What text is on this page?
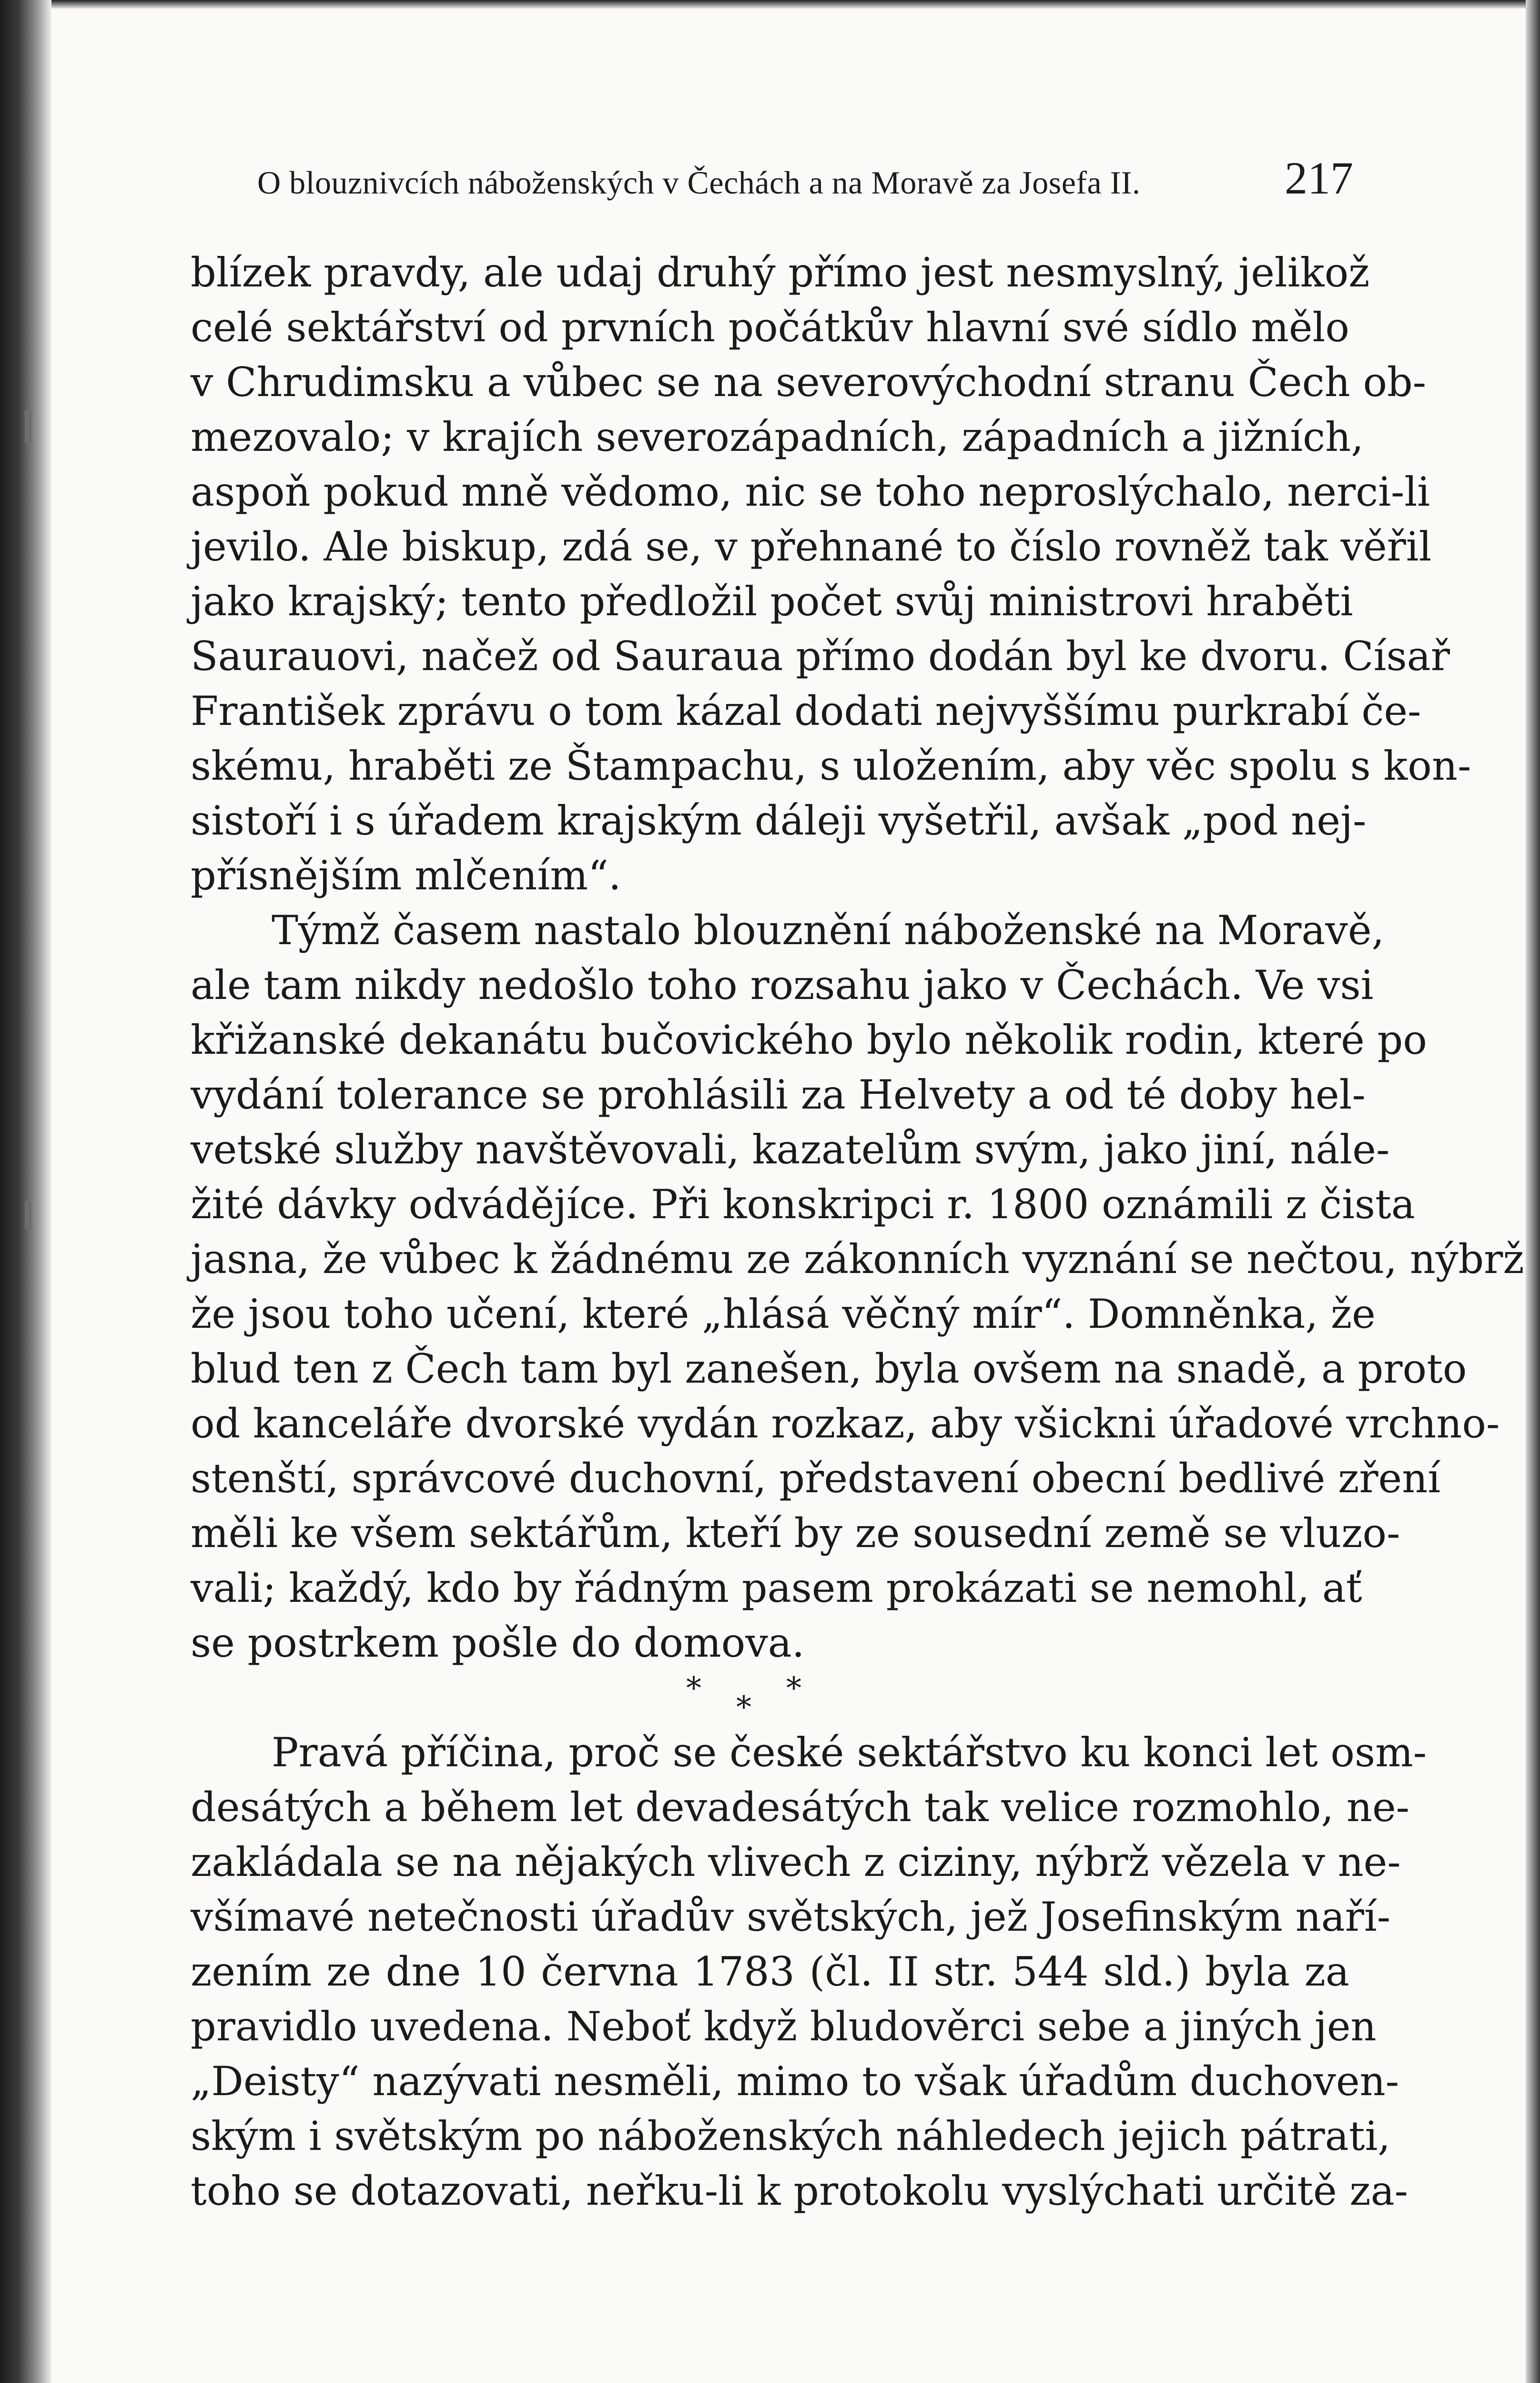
O blouznivcích náboženských v Čechách a na Moravě za Josefa II.	217
blízek pravdy, ale udaj druhý přímo jest nesmyslný, jelikož
celé sektářství od prvních počátkův hlavní své sídlo mělo
v Chrudimsku a vůbec se na severovýchodní stranu Čech ob-
mezovalo; v krajích severozápadních, západních a jižních,
aspoň pokud mně vědomo, nic se toho neproslýchalo, nerci-li
jevilo. Ale biskup, zdá se, v přehnané to číslo rovněž tak věřil
jako krajský; tento předložil počet svůj ministrovi hraběti
Saurauovi, načež od Sauraua přímo dodán byl ke dvoru. Císař
František zprávu o tom kázal dodati nejvyššímu purkrabí če-
skému, hraběti ze Štampachu, s uložením, aby věc spolu s kon-
sistoří i s úřadem krajským dáleji vyšetřil, avšak „pod nej-
přísnějším mlčením“.
Týmž časem nastalo blouznění náboženské na Moravě,
ale tam nikdy nedošlo toho rozsahu jako v Čechách. Ve vsi
křižanské dekanátu bučovického bylo několik rodin, které po
vydání tolerance se prohlásili za Helvety a od té doby hel-
vetské služby navštěvovali, kazatelům svým, jako jiní, nále-
žité dávky odvádějíce. Při konskripci r. 1800 oznámili z čista
jasna, že vůbec k žádnému ze zákonních vyznání se nečtou, nýbrž
že jsou toho učení, které „hlásá věčný mír“. Domněnka, že
blud ten z Čech tam byl zanešen, byla ovšem na snadě, a proto
od kanceláře dvorské vydán rozkaz, aby všickni úřadové vrchno-
stenští, správcové duchovní, představení obecní bedlivé zření
měli ke všem sektářům, kteří by ze sousední země se vluzo-
vali; každý, kdo by řádným pasem prokázati se nemohl, ať
se postrkem pošle do domova.
*
*
*
Pravá příčina, proč se české sektářstvo ku konci let osm-
desátých a během let devadesátých tak velice rozmohlo, ne-
zakládala se na nějakých vlivech z ciziny, nýbrž vězela v ne-
všímavé netečnosti úřadův světských, jež Josefinským naří-
zením ze dne 10 června 1783 (čl. II str. 544 sld.) byla za
pravidlo uvedena. Neboť když bludověrci sebe a jiných jen
„Deisty“ nazývati nesměli, mimo to však úřadům duchoven-
ským i světským po náboženských náhledech jejich pátrati,
toho se dotazovati, neřku-li k protokolu vyslýchati určitě za-
